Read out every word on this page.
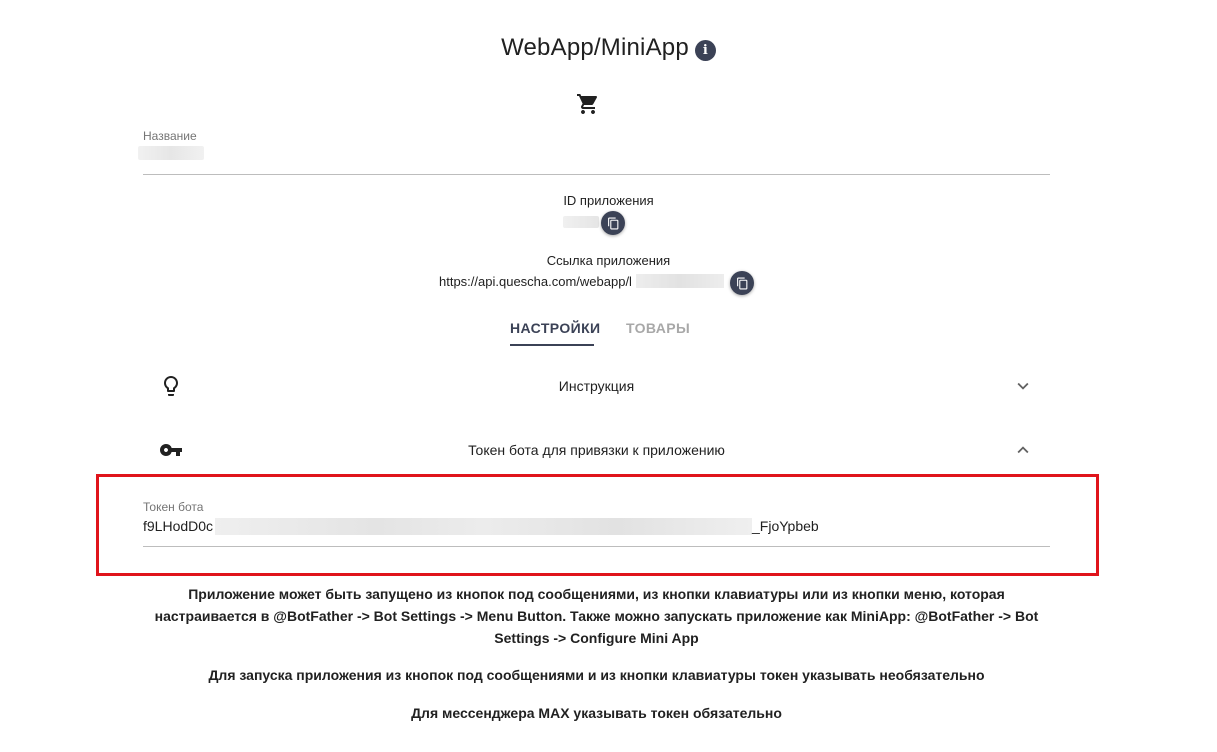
WebApp/MiniApp	i
Название
ID приложения
Ссылка приложения
https://api.quescha.com/webapp/l
НАСТРОЙКИ ТОВАРЫ
Инструкция
Токен бота для привязки к приложению
Токен бота
f9LHodD0c	_FjoYpbeb
Приложение может быть запущено из кнопок под сообщениями, из кнопки клавиатуры или из кнопки меню, которая настраивается в @BotFather -> Bot Settings -> Menu Button. Также можно запускать приложение как MiniApp: @BotFather -> Bot Settings -> Configure Mini App
Для запуска приложения из кнопок под сообщениями и из кнопки клавиатуры токен указывать необязательно
Для мессенджера MAX указывать токен обязательно
